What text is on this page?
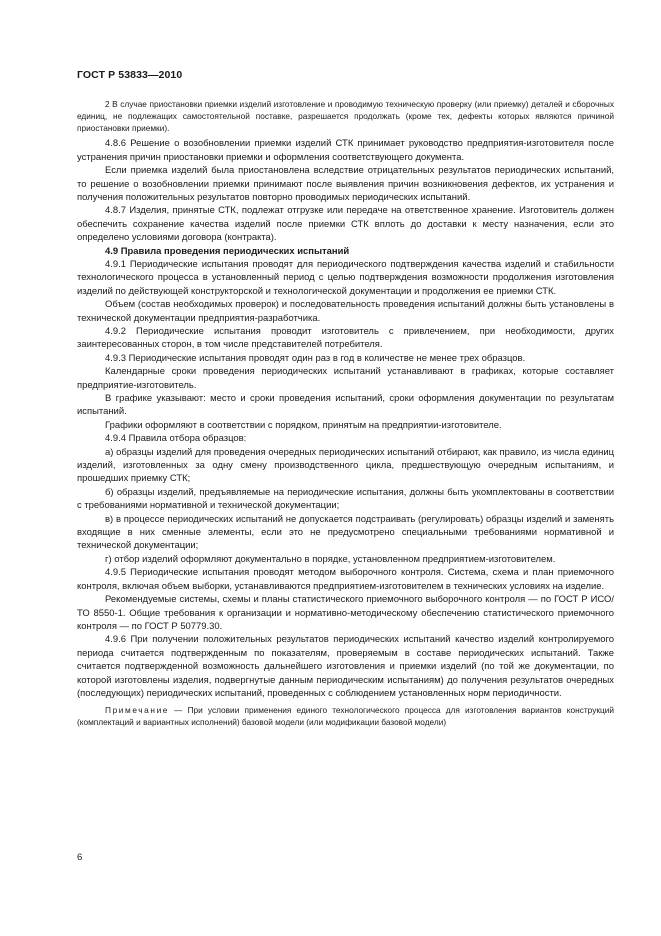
ГОСТ Р 53833—2010

2 В случае приостановки приемки изделий изготовление и проводимую техническую проверку (или приемку) деталей и сборочных единиц, не подлежащих самостоятельной поставке, разрешается продолжать (кроме тех, дефекты которых являются причиной приостановки приемки).

4.8.6 Решение о возобновлении приемки изделий СТК принимает руководство предприятия-изготовителя после устранения причин приостановки приемки и оформления соответствующего документа.

Если приемка изделий была приостановлена вследствие отрицательных результатов периодических испытаний, то решение о возобновлении приемки принимают после выявления причин возникновения дефектов, их устранения и получения положительных результатов повторно проводимых периодических испытаний.

4.8.7 Изделия, принятые СТК, подлежат отгрузке или передаче на ответственное хранение. Изготовитель должен обеспечить сохранение качества изделий после приемки СТК вплоть до доставки к месту назначения, если это определено условиями договора (контракта).

4.9 Правила проведения периодических испытаний

4.9.1 Периодические испытания проводят для периодического подтверждения качества изделий и стабильности технологического процесса в установленный период с целью подтверждения возможности продолжения изготовления изделий по действующей конструкторской и технологической документации и продолжения ее приемки СТК.

Объем (состав необходимых проверок) и последовательность проведения испытаний должны быть установлены в технической документации предприятия-разработчика.

4.9.2 Периодические испытания проводит изготовитель с привлечением, при необходимости, других заинтересованных сторон, в том числе представителей потребителя.

4.9.3 Периодические испытания проводят один раз в год в количестве не менее трех образцов.

Календарные сроки проведения периодических испытаний устанавливают в графиках, которые составляет предприятие-изготовитель.

В графике указывают: место и сроки проведения испытаний, сроки оформления документации по результатам испытаний.

Графики оформляют в соответствии с порядком, принятым на предприятии-изготовителе.

4.9.4 Правила отбора образцов:

а) образцы изделий для проведения очередных периодических испытаний отбирают, как правило, из числа единиц изделий, изготовленных за одну смену производственного цикла, предшествующую очередным испытаниям, и прошедших приемку СТК;

б) образцы изделий, предъявляемые на периодические испытания, должны быть укомплектованы в соответствии с требованиями нормативной и технической документации;

в) в процессе периодических испытаний не допускается подстраивать (регулировать) образцы изделий и заменять входящие в них сменные элементы, если это не предусмотрено специальными требованиями нормативной и технической документации;

г) отбор изделий оформляют документально в порядке, установленном предприятием-изготовителем.

4.9.5 Периодические испытания проводят методом выборочного контроля. Система, схема и план приемочного контроля, включая объем выборки, устанавливаются предприятием-изготовителем в технических условиях на изделие.

Рекомендуемые системы, схемы и планы статистического приемочного выборочного контроля — по ГОСТ Р ИСО/ТО 8550-1. Общие требования к организации и нормативно-методическому обеспечению статистического приемочного контроля — по ГОСТ Р 50779.30.

4.9.6 При получении положительных результатов периодических испытаний качество изделий контролируемого периода считается подтвержденным по показателям, проверяемым в составе периодических испытаний. Также считается подтвержденной возможность дальнейшего изготовления и приемки изделий (по той же документации, по которой изготовлены изделия, подвергнутые данным периодическим испытаниям) до получения результатов очередных (последующих) периодических испытаний, проведенных с соблюдением установленных норм периодичности.

Примечание — При условии применения единого технологического процесса для изготовления вариантов конструкций (комплектаций и вариантных исполнений) базовой модели (или модификации базовой модели)

6
